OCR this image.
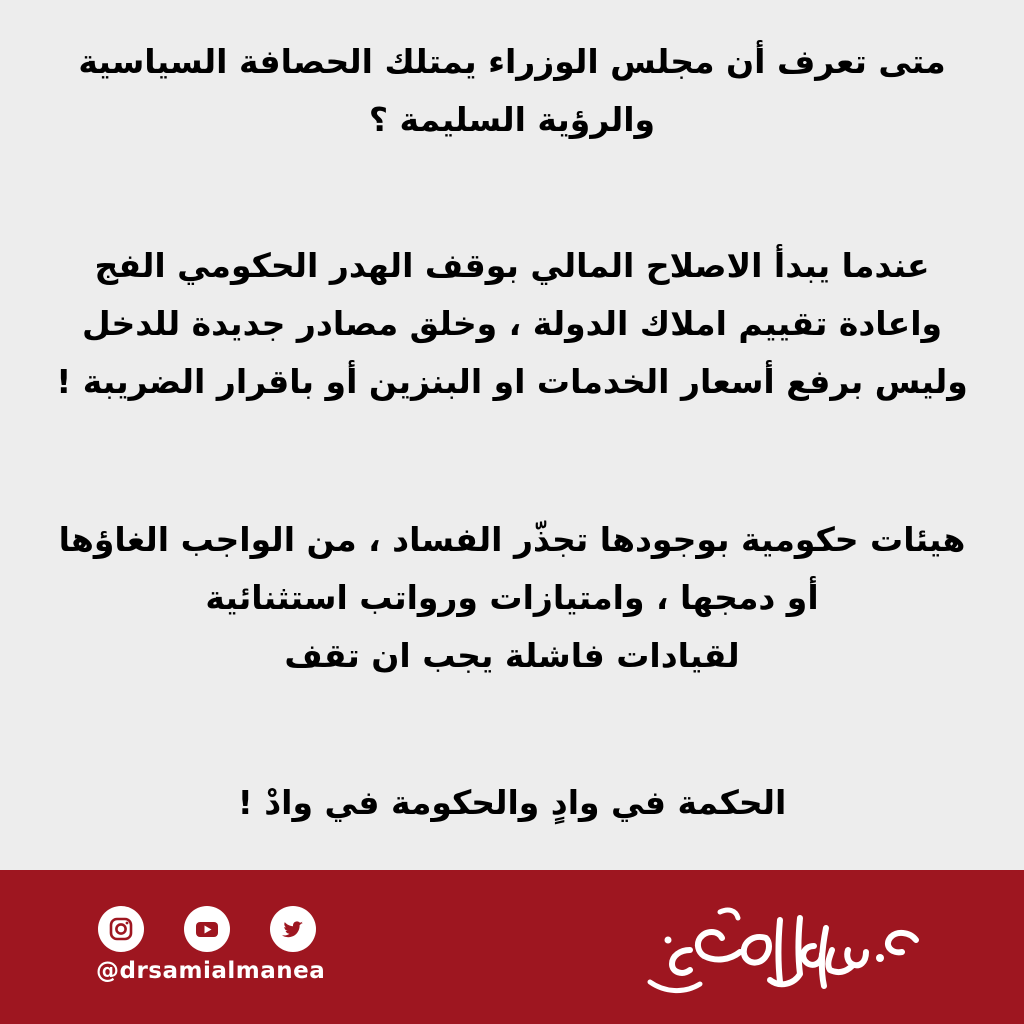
متى تعرف أن مجلس الوزراء يمتلك الحصافة السياسية
والرؤية السليمة ؟
عندما يبدأ الاصلاح المالي بوقف الهدر الحكومي الفج
واعادة تقييم املاك الدولة ، وخلق مصادر جديدة للدخل
وليس برفع أسعار الخدمات او البنزين أو باقرار الضريبة !
هيئات حكومية بوجودها تجذّر الفساد ، من الواجب الغاؤها
أو دمجها ، وامتيازات ورواتب استثنائية
لقيادات فاشلة يجب ان تقف
الحكمة في وادٍ والحكومة في وادْ !
@drsamialmanea
